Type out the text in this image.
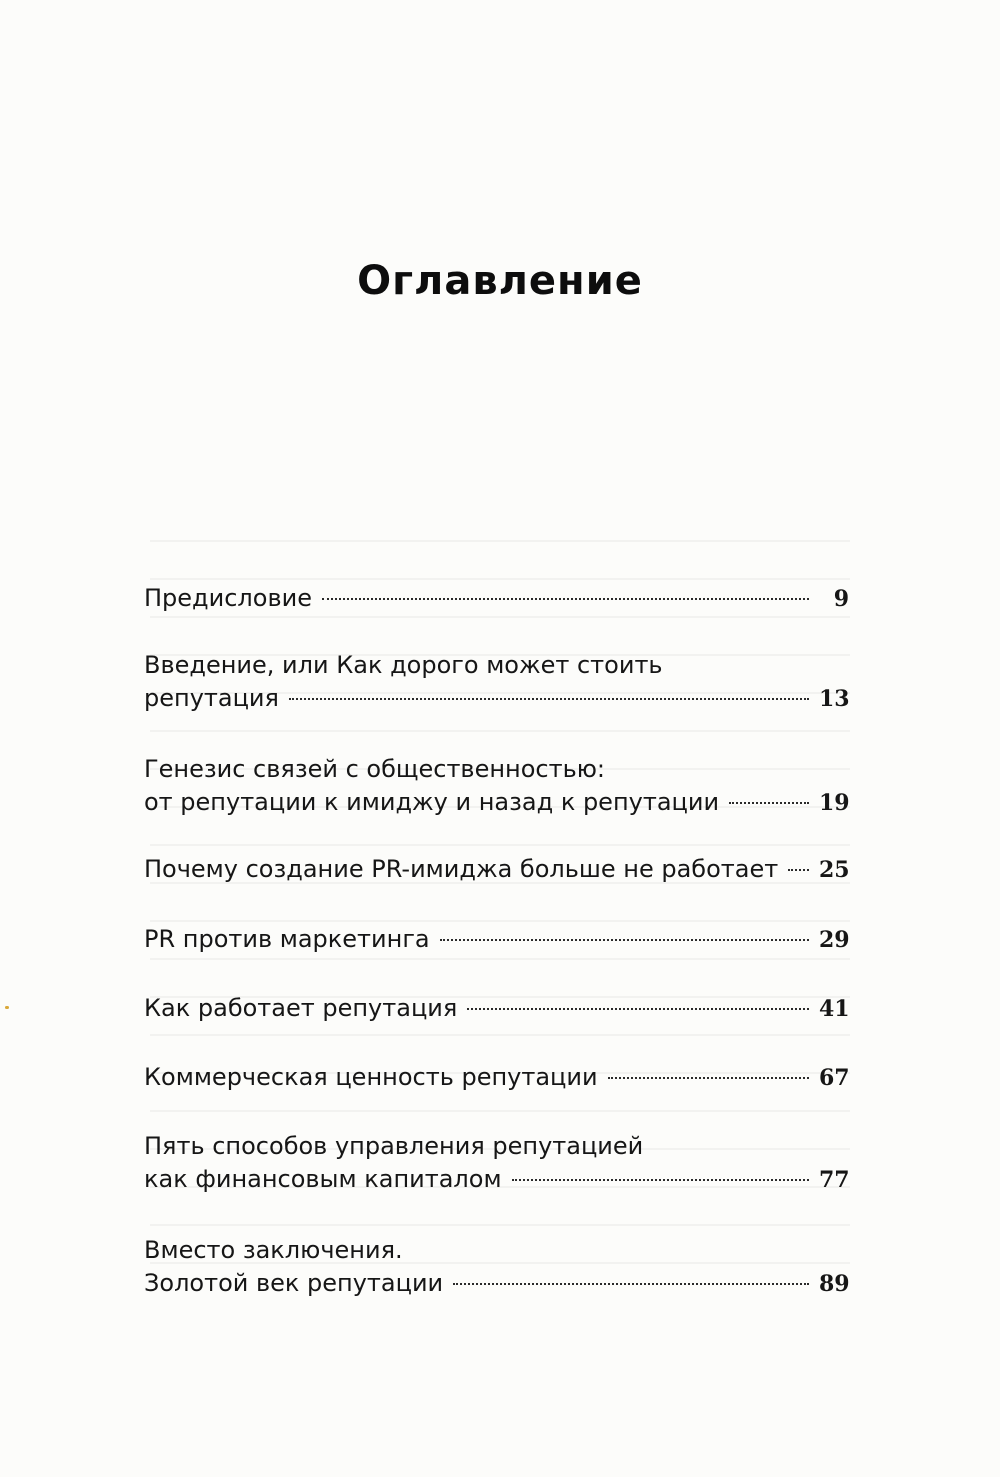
Оглавление
Предисловие	9
Введение, или Как дорого может стоить
репутация	13
Генезис связей с общественностью:
от репутации к имиджу и назад к репутации	19
Почему создание PR-имиджа больше не работает 25
PR против маркетинга	29
Как работает репутация	41
Коммерческая ценность репутации	67
Пять способов управления репутацией
как финансовым капиталом	77
Вместо заключения.
Золотой век репутации	89
